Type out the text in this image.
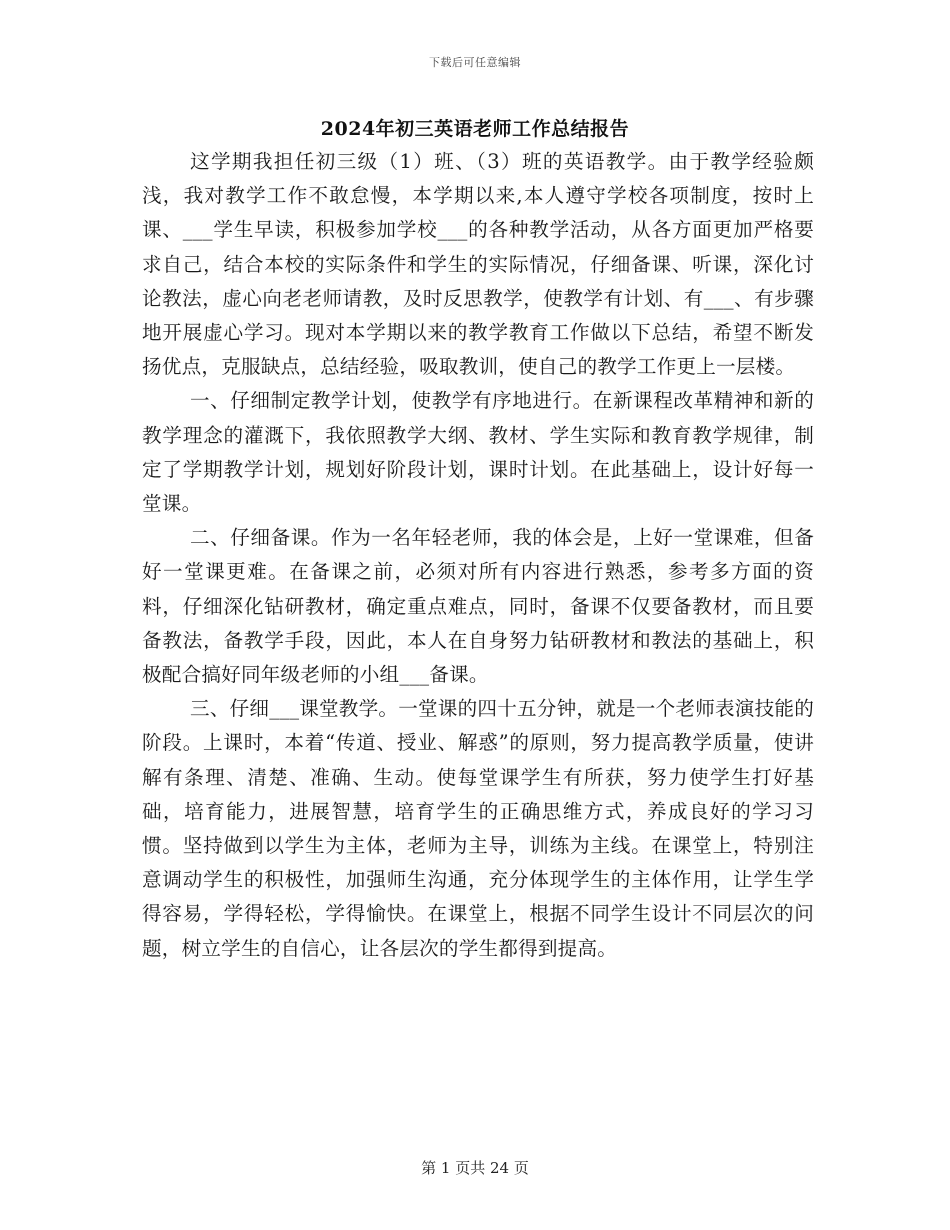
下载后可任意编辑
2024年初三英语老师工作总结报告

这学期我担任初三级（1）班、（3）班的英语教学。由于教学经验颇浅，我对教学工作不敢怠慢，本学期以来,本人遵守学校各项制度，按时上课、___学生早读，积极参加学校___的各种教学活动，从各方面更加严格要求自己，结合本校的实际条件和学生的实际情况，仔细备课、听课，深化讨论教法，虚心向老老师请教，及时反思教学，使教学有计划、有___、有步骤地开展虚心学习。现对本学期以来的教学教育工作做以下总结，希望不断发扬优点，克服缺点，总结经验，吸取教训，使自己的教学工作更上一层楼。

一、仔细制定教学计划，使教学有序地进行。在新课程改革精神和新的教学理念的灌溉下，我依照教学大纲、教材、学生实际和教育教学规律，制定了学期教学计划，规划好阶段计划，课时计划。在此基础上，设计好每一堂课。

二、仔细备课。作为一名年轻老师，我的体会是，上好一堂课难，但备好一堂课更难。在备课之前，必须对所有内容进行熟悉，参考多方面的资料，仔细深化钻研教材，确定重点难点，同时，备课不仅要备教材，而且要备教法，备教学手段，因此，本人在自身努力钻研教材和教法的基础上，积极配合搞好同年级老师的小组___备课。

三、仔细___课堂教学。一堂课的四十五分钟，就是一个老师表演技能的阶段。上课时，本着“传道、授业、解惑”的原则，努力提高教学质量，使讲解有条理、清楚、准确、生动。使每堂课学生有所获，努力使学生打好基础，培育能力，进展智慧，培育学生的正确思维方式，养成良好的学习习惯。坚持做到以学生为主体，老师为主导，训练为主线。在课堂上，特别注意调动学生的积极性，加强师生沟通，充分体现学生的主体作用，让学生学得容易，学得轻松，学得愉快。在课堂上，根据不同学生设计不同层次的问题，树立学生的自信心，让各层次的学生都得到提高。

第 1 页共 24 页
